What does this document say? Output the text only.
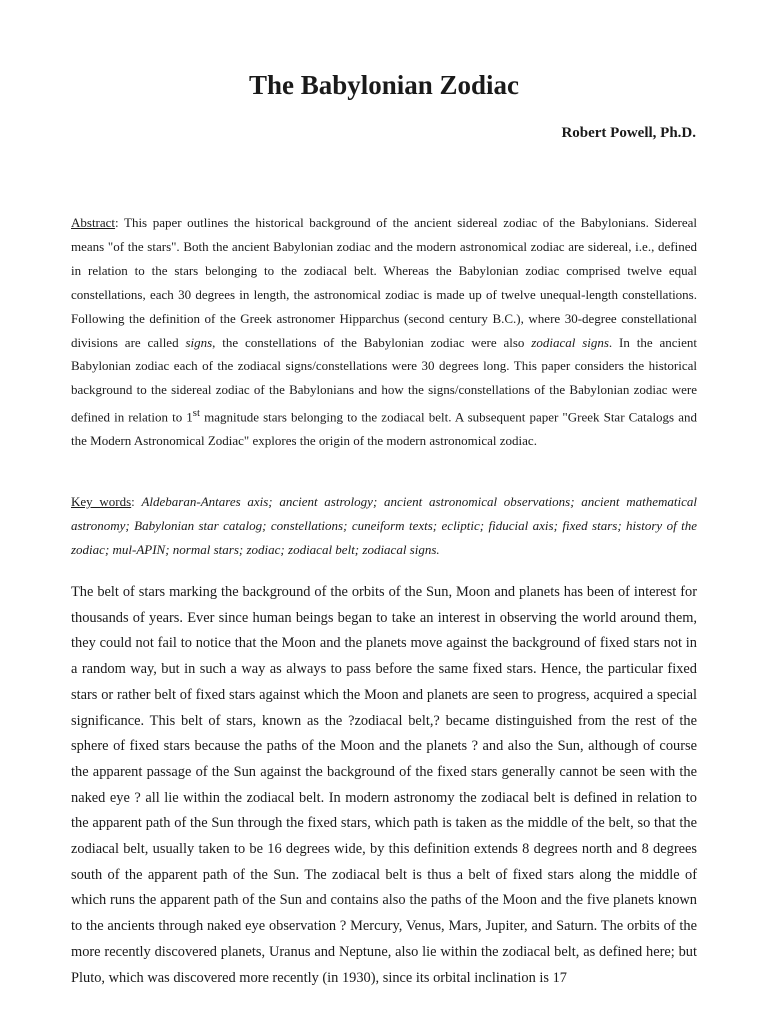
The Babylonian Zodiac

Robert Powell, Ph.D.

Abstract: This paper outlines the historical background of the ancient sidereal zodiac of the Babylonians. Sidereal means "of the stars". Both the ancient Babylonian zodiac and the modern astronomical zodiac are sidereal, i.e., defined in relation to the stars belonging to the zodiacal belt. Whereas the Babylonian zodiac comprised twelve equal constellations, each 30 degrees in length, the astronomical zodiac is made up of twelve unequal-length constellations. Following the definition of the Greek astronomer Hipparchus (second century B.C.), where 30-degree constellational divisions are called signs, the constellations of the Babylonian zodiac were also zodiacal signs. In the ancient Babylonian zodiac each of the zodiacal signs/constellations were 30 degrees long. This paper considers the historical background to the sidereal zodiac of the Babylonians and how the signs/constellations of the Babylonian zodiac were defined in relation to 1st magnitude stars belonging to the zodiacal belt. A subsequent paper "Greek Star Catalogs and the Modern Astronomical Zodiac" explores the origin of the modern astronomical zodiac.

Key words: Aldebaran-Antares axis; ancient astrology; ancient astronomical observations; ancient mathematical astronomy; Babylonian star catalog; constellations; cuneiform texts; ecliptic; fiducial axis; fixed stars; history of the zodiac; mul-APIN; normal stars; zodiac; zodiacal belt; zodiacal signs.

The belt of stars marking the background of the orbits of the Sun, Moon and planets has been of interest for thousands of years. Ever since human beings began to take an interest in observing the world around them, they could not fail to notice that the Moon and the planets move against the background of fixed stars not in a random way, but in such a way as always to pass before the same fixed stars. Hence, the particular fixed stars or rather belt of fixed stars against which the Moon and planets are seen to progress, acquired a special significance. This belt of stars, known as the ?zodiacal belt,? became distinguished from the rest of the sphere of fixed stars because the paths of the Moon and the planets ? and also the Sun, although of course the apparent passage of the Sun against the background of the fixed stars generally cannot be seen with the naked eye ? all lie within the zodiacal belt. In modern astronomy the zodiacal belt is defined in relation to the apparent path of the Sun through the fixed stars, which path is taken as the middle of the belt, so that the zodiacal belt, usually taken to be 16 degrees wide, by this definition extends 8 degrees north and 8 degrees south of the apparent path of the Sun. The zodiacal belt is thus a belt of fixed stars along the middle of which runs the apparent path of the Sun and contains also the paths of the Moon and the five planets known to the ancients through naked eye observation ? Mercury, Venus, Mars, Jupiter, and Saturn. The orbits of the more recently discovered planets, Uranus and Neptune, also lie within the zodiacal belt, as defined here; but Pluto, which was discovered more recently (in 1930), since its orbital inclination is 17
